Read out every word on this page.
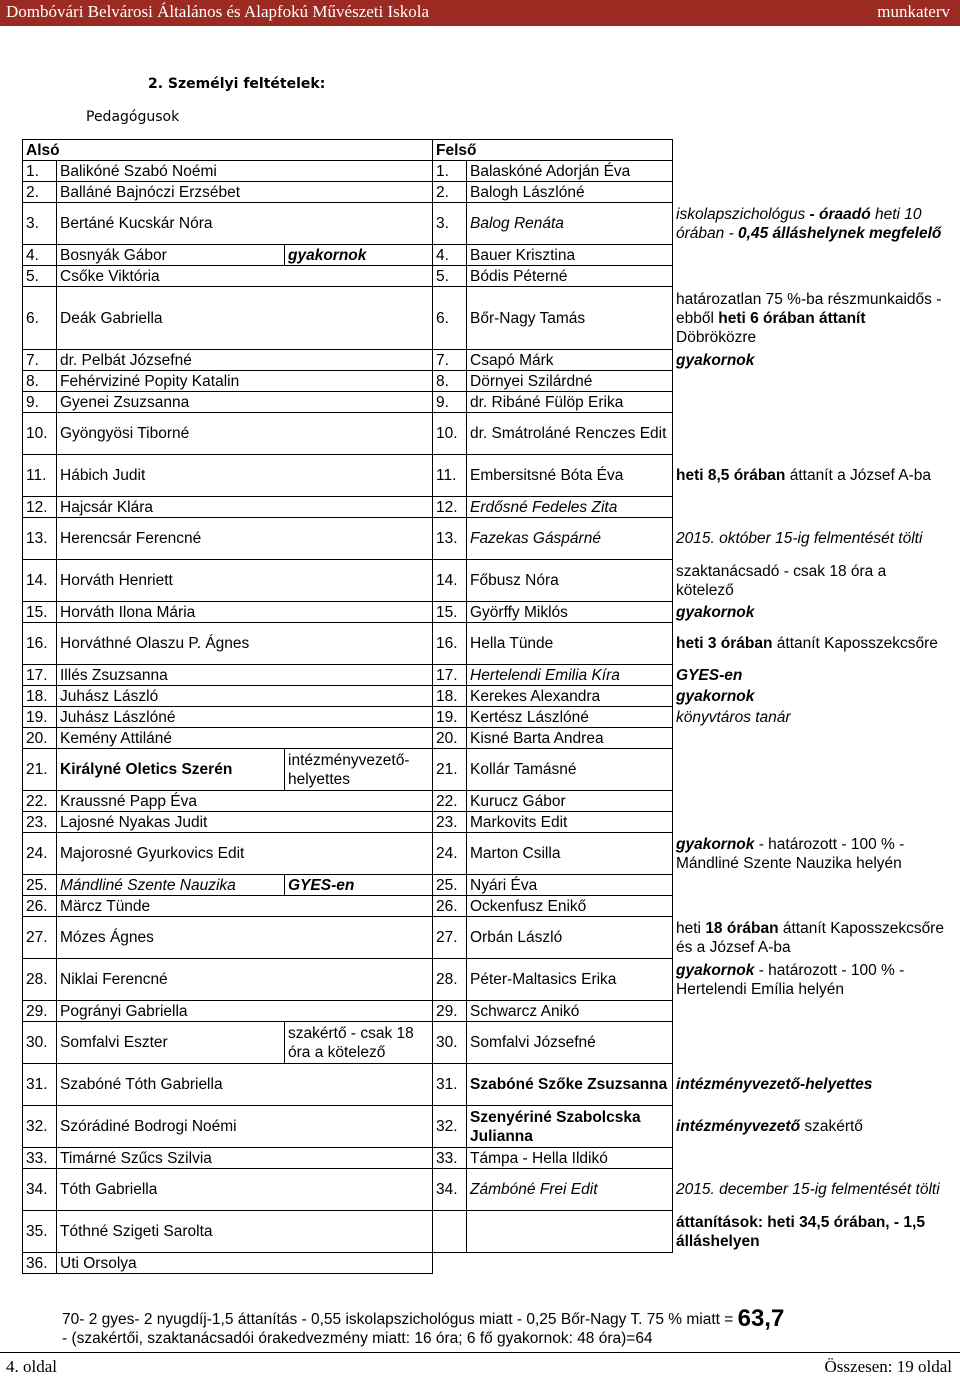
Dombóvári Belvárosi Általános és Alapfokú Művészeti Iskola	munkaterv
2. Személyi feltételek:
Pedagógusok
Alsó			Felső		
1.	Balikóné Szabó Noémi		1.	Balaskóné Adorján Éva	
2.	Balláné Bajnóczi Erzsébet		2.	Balogh Lászlóné	
3.	Bertáné Kucskár Nóra		3.	Balog Renáta	iskolapszichológus - óraadó heti 10 órában - 0,45 álláshelynek megfelelő
4.	Bosnyák Gábor	gyakornok	4.	Bauer Krisztina	
5.	Csőke Viktória		5.	Bódis Péterné	
6.	Deák Gabriella		6.	Bőr-Nagy Tamás	határozatlan 75 %-ba részmunkaidős - ebből heti 6 órában áttanít Döbröközre
7.	dr. Pelbát Józsefné		7.	Csapó Márk	gyakornok
8.	Fehérviziné Popity Katalin		8.	Dörnyei Szilárdné	
9.	Gyenei Zsuzsanna		9.	dr. Ribáné Fülöp Erika	
10.	Gyöngyösi Tiborné		10.	dr. Smátroláné Renczes Edit	
11.	Hábich Judit		11.	Embersitsné Bóta Éva	heti 8,5 órában áttanít a József A-ba
12.	Hajcsár Klára		12.	Erdősné Fedeles Zita	
13.	Herencsár Ferencné		13.	Fazekas Gáspárné	2015. október 15-ig felmentését tölti
14.	Horváth Henriett		14.	Főbusz Nóra	szaktanácsadó - csak 18 óra a kötelező
15.	Horváth Ilona Mária		15.	Györffy Miklós	gyakornok
16.	Horváthné Olaszu P. Ágnes		16.	Hella Tünde	heti 3 órában áttanít Kaposszekcsőre
17.	Illés Zsuzsanna		17.	Hertelendi Emilia Kíra	GYES-en
18.	Juhász László		18.	Kerekes Alexandra	gyakornok
19.	Juhász Lászlóné		19.	Kertész Lászlóné	könyvtáros tanár
20.	Kemény Attiláné		20.	Kisné Barta Andrea	
21.	Királyné Oletics Szerén	intézményvezető-helyettes	21.	Kollár Tamásné	
22.	Kraussné Papp Éva		22.	Kurucz Gábor	
23.	Lajosné Nyakas Judit		23.	Markovits Edit	
24.	Majorosné Gyurkovics Edit		24.	Marton Csilla	gyakornok - határozott - 100 % - Mándliné Szente Nauzika helyén
25.	Mándliné Szente Nauzika	GYES-en	25.	Nyári Éva	
26.	Märcz Tünde		26.	Ockenfusz Enikő	
27.	Mózes Ágnes		27.	Orbán László	heti 18 órában áttanít Kaposszekcsőre és a József A-ba
28.	Niklai Ferencné		28.	Péter-Maltasics Erika	gyakornok - határozott - 100 % - Hertelendi Emília helyén
29.	Pogrányi Gabriella		29.	Schwarcz Anikó	
30.	Somfalvi Eszter	szakértő - csak 18 óra a kötelező	30.	Somfalvi Józsefné	
31.	Szabóné Tóth Gabriella		31.	Szabóné Szőke Zsuzsanna	intézményvezető-helyettes
32.	Szórádiné Bodrogi Noémi		32.	Szenyériné Szabolcska Julianna	intézményvezető szakértő
33.	Timárné Szűcs Szilvia		33.	Támpa - Hella Ildikó	
34.	Tóth Gabriella		34.	Zámbóné Frei Edit	2015. december 15-ig felmentését tölti
35.	Tóthné Szigeti Sarolta				áttanítások: heti 34,5 órában, - 1,5 álláshelyen
36.	Uti Orsolya				
70- 2 gyes- 2 nyugdíj-1,5 áttanítás - 0,55 iskolapszichológus miatt - 0,25 Bőr-Nagy T. 75 % miatt = 63,7
- (szakértői, szaktanácsadói órakedvezmény miatt: 16 óra; 6 fő gyakornok: 48 óra)=64
4. oldal	Összesen: 19 oldal
